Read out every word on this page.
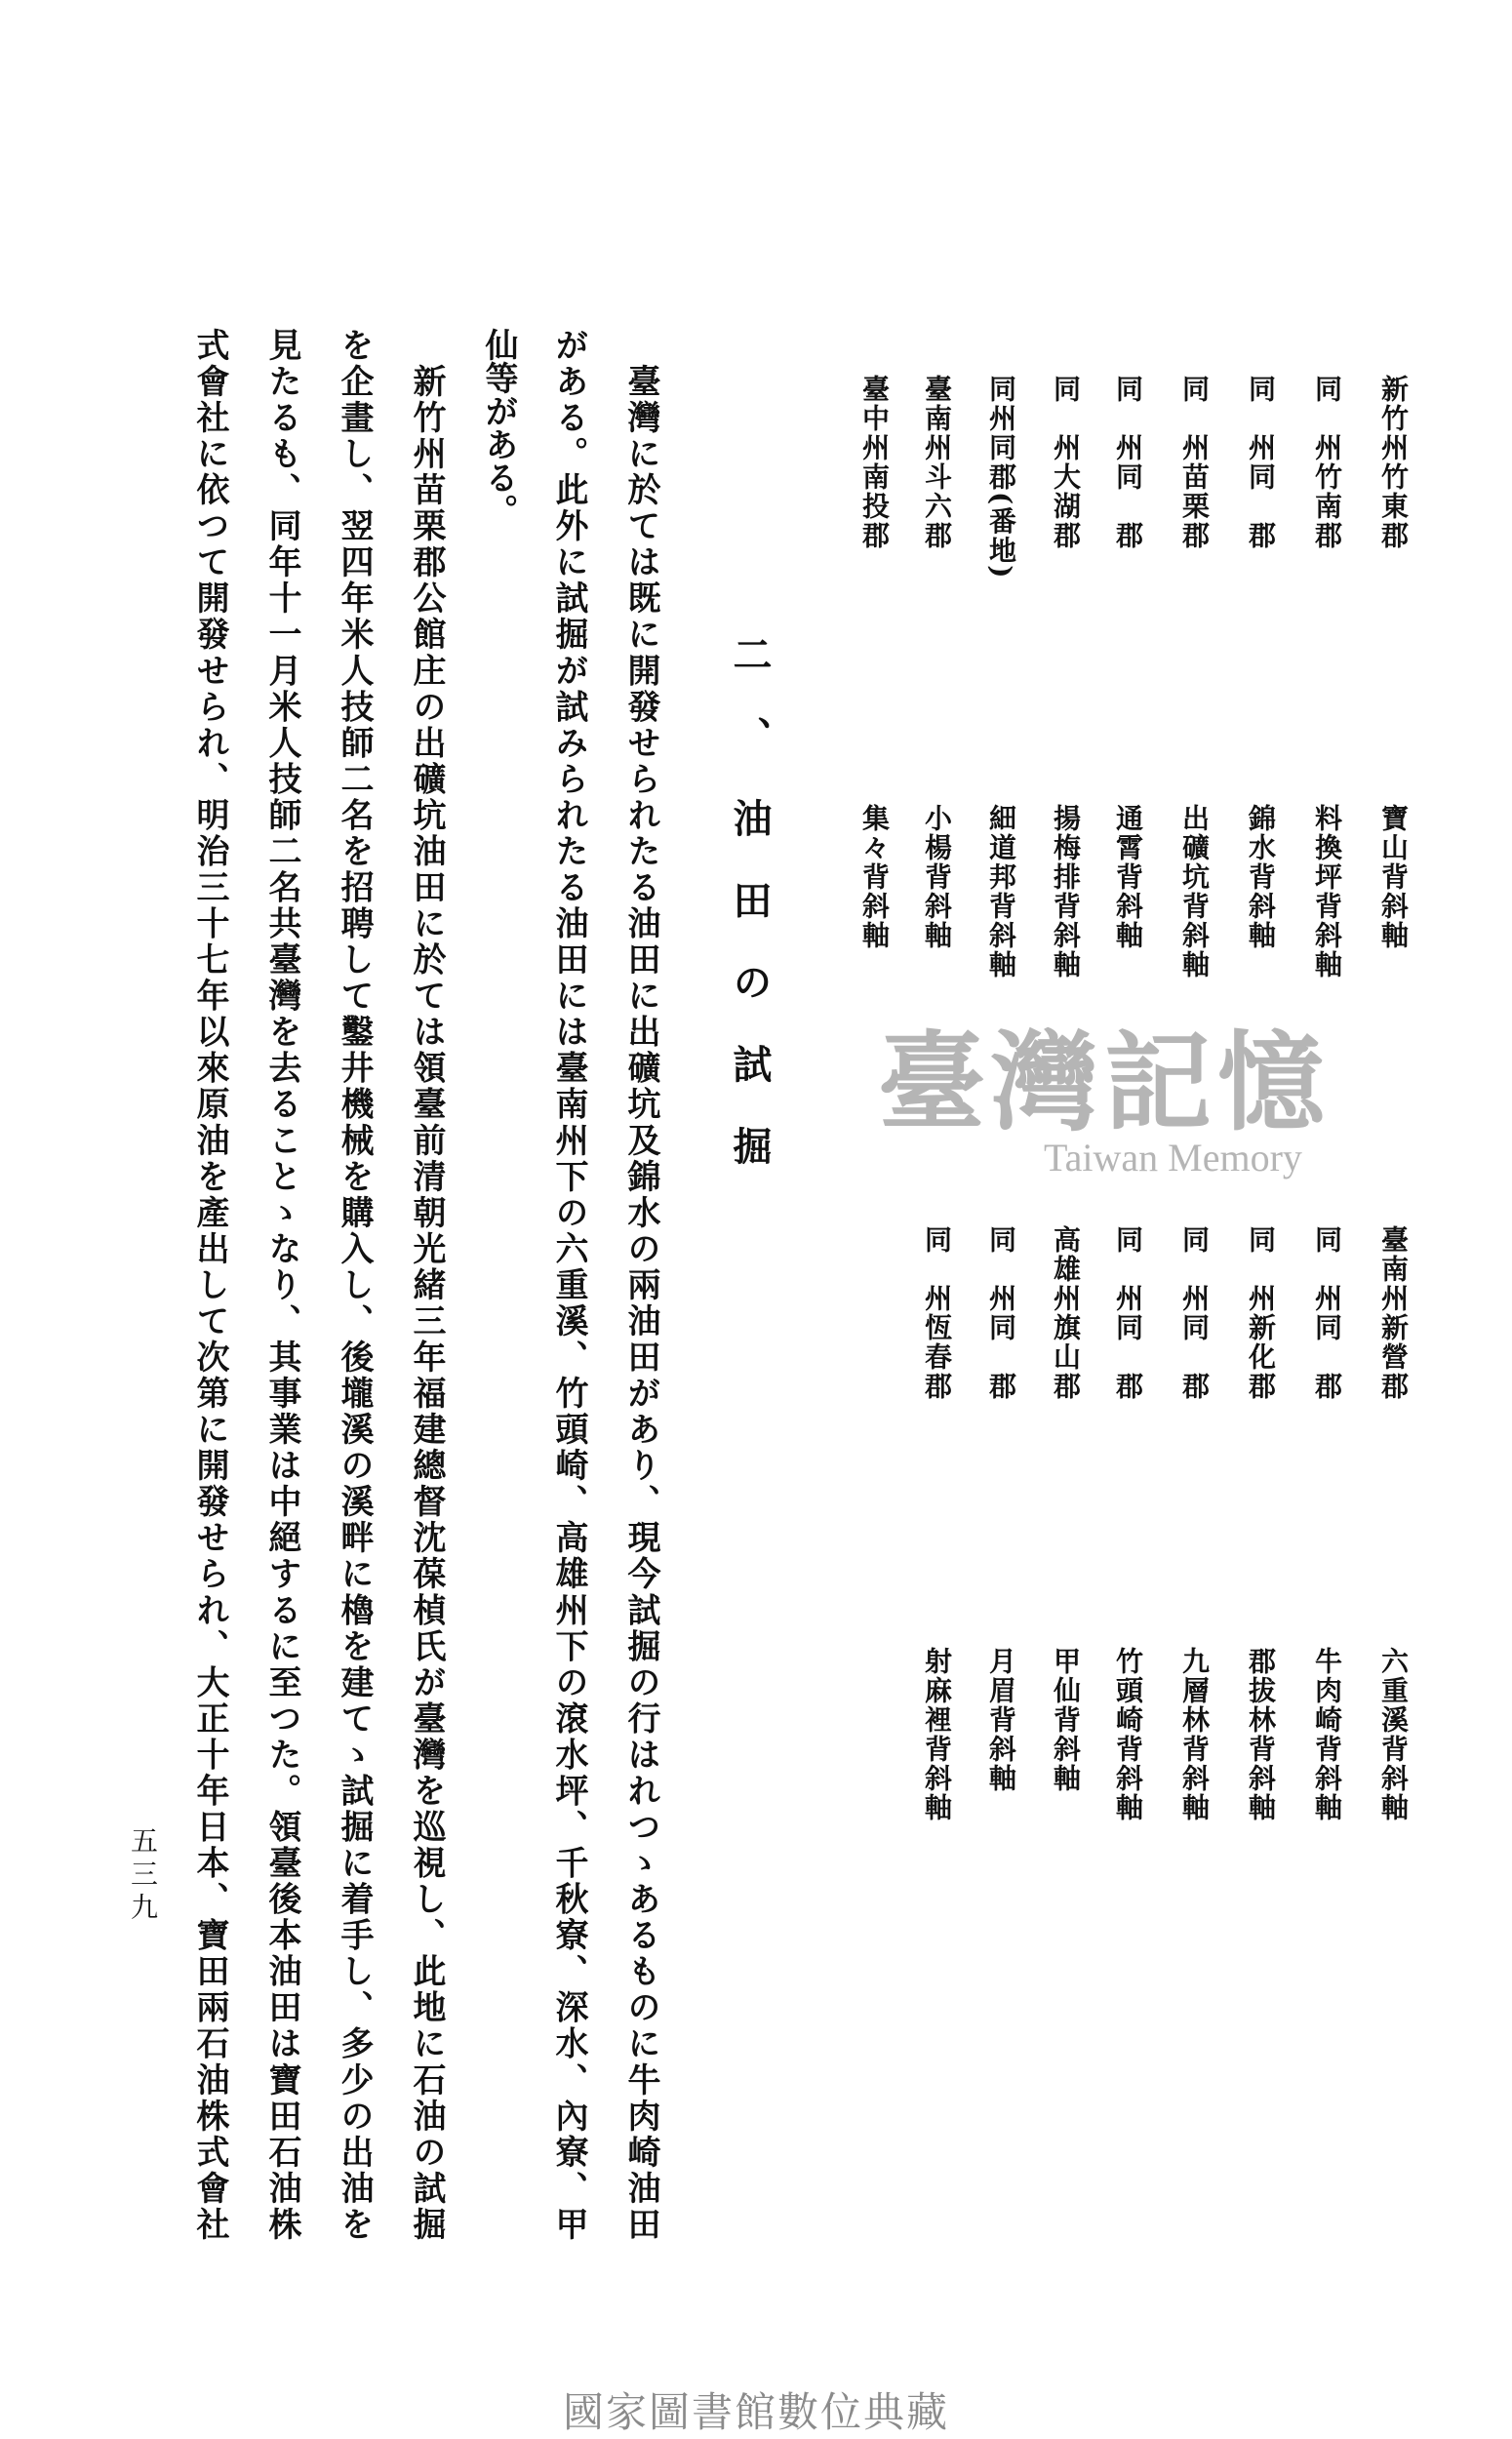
新竹州竹東郡
同　州竹南郡
同　州同　郡
同　州苗栗郡
同　州同　郡
同　州大湖郡
同州同郡(番地)
臺南州斗六郡
臺中州南投郡
寶山背斜軸
料換坪背斜軸
錦水背斜軸
出礦坑背斜軸
通霄背斜軸
揚梅排背斜軸
細道邦背斜軸
小楊背斜軸
集々背斜軸
臺南州新營郡
同　州同　郡
同　州新化郡
同　州同　郡
同　州同　郡
高雄州旗山郡
同　州同　郡
同　州恆春郡
六重溪背斜軸
牛肉崎背斜軸
郡拔林背斜軸
九層林背斜軸
竹頭崎背斜軸
甲仙背斜軸
月眉背斜軸
射麻裡背斜軸
二、油田の試掘
　臺灣に於ては既に開發せられたる油田に出礦坑及錦水の兩油田があり、現今試掘の行はれつゝあるものに牛肉崎油田
がある。此外に試掘が試みられたる油田には臺南州下の六重溪、竹頭崎、高雄州下の滾水坪、千秋寮、深水、內寮、甲
仙等がある。
　新竹州苗栗郡公館庄の出礦坑油田に於ては領臺前清朝光緒三年福建總督沈葆楨氏が臺灣を巡視し、此地に石油の試掘
を企畫し、翌四年米人技師二名を招聘して鑿井機械を購入し、後壠溪の溪畔に櫓を建てゝ試掘に着手し、多少の出油を
見たるも、同年十一月米人技師二名共臺灣を去ることゝなり、其事業は中絕するに至つた。領臺後本油田は寶田石油株
式會社に依つて開發せられ、明治三十七年以來原油を產出して次第に開發せられ、大正十年日本、寶田兩石油株式會社
五三九
臺灣記憶
Taiwan Memory
國家圖書館數位典藏
